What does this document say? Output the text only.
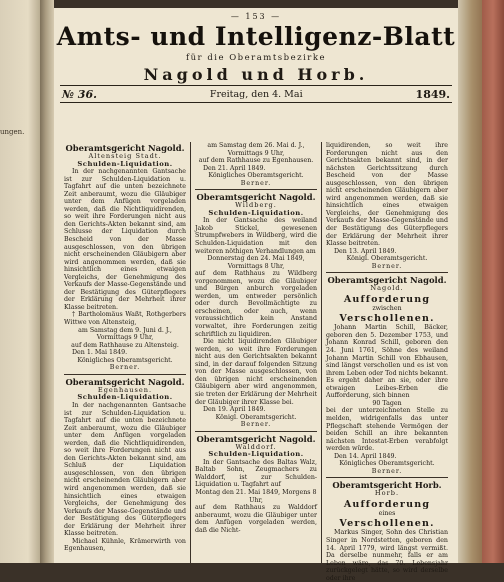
ungen.
— 153 —
Amts- und Intelligenz-Blatt
für die Oberamtsbezirke
Nagold und Horb.
№ 36.	Freitag, den 4. Mai	1849.

Oberamtsgericht Nagold.

Altensteig Stadt.

Schulden-Liquidation.

In der nachgenannten Gantsache ist zur Schulden-Liquidation u. Tagfahrt auf die unten bezeichnete Zeit anberaumt, wozu die Gläubiger unter dem Anfügen vorgeladen werden, daß die Nichtliquidirenden, so weit ihre Forderungen nicht aus den Gerichts-Akten bekannt sind, am Schlusse der Liquidation durch Bescheid von der Masse ausgeschlossen, von den übrigen nicht erscheinenden Gläubigern aber wird angenommen werden, daß sie hinsichtlich eines etwaigen Vergleichs, der Genehmigung des Verkaufs der Masse-Gegenstände und der Bestätigung des Güterpflegers der Erklärung der Mehrheit ihrer Klasse beitreten.

† Bartholomäus Waßt, Rothgerbers Wittwe von Altensteig,

am Samstag dem 9. Juni d. J., Vormittags 9 Uhr,

auf dem Rathhause zu Altensteig.

Den 1. Mai 1849.

Königliches Oberamtsgericht.

Berner.

Oberamtsgericht Nagold.

Egenhausen.

Schulden-Liquidation.

In der nachgenannten Gantsache ist zur Schulden-Liquidation u. Tagfahrt auf die unten bezeichnete Zeit anberaumt, wozu die Gläubiger unter dem Anfügen vorgeladen werden, daß die Nichtliquidirenden, so weit ihre Forderungen nicht aus den Gerichts-Akten bekannt sind, am Schluß der Liquidation ausgeschlossen, von den übrigen nicht erscheinenden Gläubigern aber wird angenommen werden, daß sie hinsichtlich eines etwaigen Vergleichs, der Genehmigung des Verkaufs der Masse-Gegenstände und der Bestätigung des Güterpflegers der Erklärung der Mehrheit ihrer Klasse beitreten.

Michael Kühnle, Krämerwirth von Egenhausen,

am Samstag dem 26. Mai d. J., Vormittags 9 Uhr,

auf dem Rathhause zu Egenhausen.

Den 21. April 1849.

Königliches Oberamtsgericht.

Berner.

Oberamtsgericht Nagold.

Wildberg.

Schulden-Liquidation.

In der Gantsache des weiland Jakob Stickel, gewesenen Strumpfwebers in Wildberg, wird die Schulden-Liquidation mit den weiteren nöthigen Verhandlungen am

Donnerstag den 24. Mai 1849, Vormittags 8 Uhr,

auf dem Rathhaus zu Wildberg vorgenommen, wozu die Gläubiger und Bürgen anburch vorgeladen werden, um entweder persönlich oder durch Bevollmächtigte zu erscheinen, oder auch, wenn voraussichtlich kein Anstand vorwaltet, ihre Forderungen zeitig schriftlich zu liquidiren.

Die nicht liquidirenden Gläubiger werden, so weit ihre Forderungen nicht aus den Gerichtsakten bekannt sind, in der darauf folgenden Sitzung von der Masse ausgeschlossen, von den übrigen nicht erscheinenden Gläubigern aber wird angenommen, sie treten der Erklärung der Mehrheit der Gläubiger ihrer Klasse bei.

Den 19. April 1849.

Königl. Oberamtsgericht.

Berner.

Oberamtsgericht Nagold.

Walddorf.

Schulden-Liquidation.

In der Gantsache des Baltas Walz, Baltab Sohn, Zeugmachers zu Walddorf, ist zur Schulden-Liquidation u. Tagfahrt auf

Montag den 21. Mai 1849, Morgens 8 Uhr,

auf dem Rathhaus zu Walddorf anberaumt, wozu die Gläubiger unter dem Anfügen vorgeladen werden, daß die Nicht-

liquidirenden, so weit ihre Forderungen nicht aus den Gerichtsakten bekannt sind, in der nächsten Gerichtssitzung durch Bescheid von der Masse ausgeschlossen, von den übrigen nicht erscheinenden Gläubigern aber wird angenommen werden, daß sie hinsichtlich eines etwaigen Vergleichs, der Genehmigung des Verkaufs der Masse-Gegenstände und der Bestätigung des Güterpflegers der Erklärung der Mehrheit ihrer Klasse beitreten.

Den 13. April 1849.

Königl. Oberamtsgericht.

Berner.

Oberamtsgericht Nagold.

Nagold.

Aufforderung

zwischen

Verschollenen.

Johann Martin Schill, Bäcker, geboren den 5. Dezember 1753, und Johann Konrad Schill, geboren den 24. Juni 1761, Söhne des weiland Johann Martin Schill von Ebhausen, sind längst verschollen und es ist von ihrem Leben oder Tod nichts bekannt. Es ergeht daher an sie, oder ihre etwaigen Leibes-Erben die Aufforderung, sich binnen

90 Tagen

bei der unterzeichneten Stelle zu melden, widrigenfalls das unter Pflegschaft stehende Vermögen der beiden Schill an ihre bekannten nächsten Intestat-Erben verabfolgt werden würde.

Den 14. April 1849.

Königliches Oberamtsgericht.

Berner.

Oberamtsgericht Horb.

Horb.

Aufforderung

eines

Verschollenen.

Markus Singer, Sohn des Christian Singer in Nordstetten, geboren den 14. April 1779, wird längst vermißt. Da derselbe nunmehr, falls er am Leben wäre, das 70. Lebensjahr zurückgelegt hätte, so wird derselbe oder ihre
